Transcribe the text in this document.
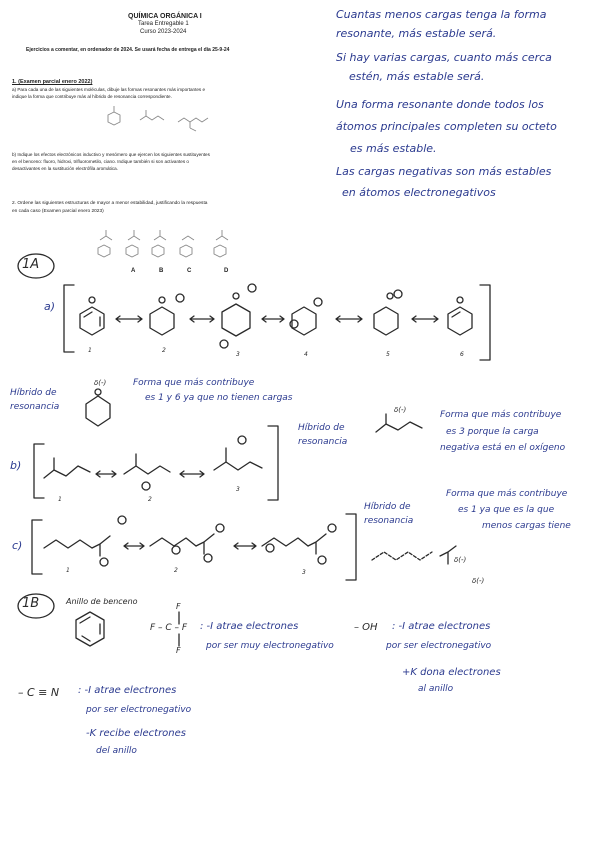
QUÍMICA ORGÁNICA I
Tarea Entregable 1
Curso 2023-2024
Ejercicios a comentar, en ordenador de 2024. Se usará fecha de entrega el día 25-9-24
1. (Examen parcial enero 2022)
a) Para cada una de las siguientes moléculas, dibuje las formas resonantes más importantes e
indique la forma que contribuye más al híbrido de resonancia correspondiente.
b) Indique los efectos electrónicos inductivo y mesómero que ejercen los siguientes sustituyentes
en el benceno: fluoro, hidroxi, trifluorometilo, ciano. Indique también si son activantes o
desactivantes en la sustitución electrófila aromática.
2. Ordene las siguientes estructuras de mayor a menor estabilidad, justificando la respuesta
en cada caso (Examen parcial enero 2023)
A	B	C	D
Cuantas menos cargas tenga la forma
resonante, más estable será.
Si hay varias cargas, cuanto más cerca
estén, más estable será.
Una forma resonante donde todos los
átomos principales completen su octeto
es más estable.
Las cargas negativas son más estables
en átomos electronegativos
1A
a)
1	2
3	4	5	6
Híbrido de
resonancia
δ(-)	Forma que más contribuye
es 1 y 6 ya que no tienen cargas
b)
1	2
3
Híbrido de
resonancia
δ(-)	Forma que más contribuye
es 3 porque la carga
negativa está en el oxígeno
c)
1	2	3
Híbrido de
resonancia
δ(-)
δ(-)
Forma que más contribuye
es 1 ya que es la que
menos cargas tiene
1B	Anillo de benceno
F
F – C – F
F
: -I atrae electrones
por ser muy electronegativo
– OH : -I atrae electrones
por ser electronegativo
+K dona electrones
al anillo
– C ≡ N : -I atrae electrones
por ser electronegativo
-K recibe electrones
del anillo
